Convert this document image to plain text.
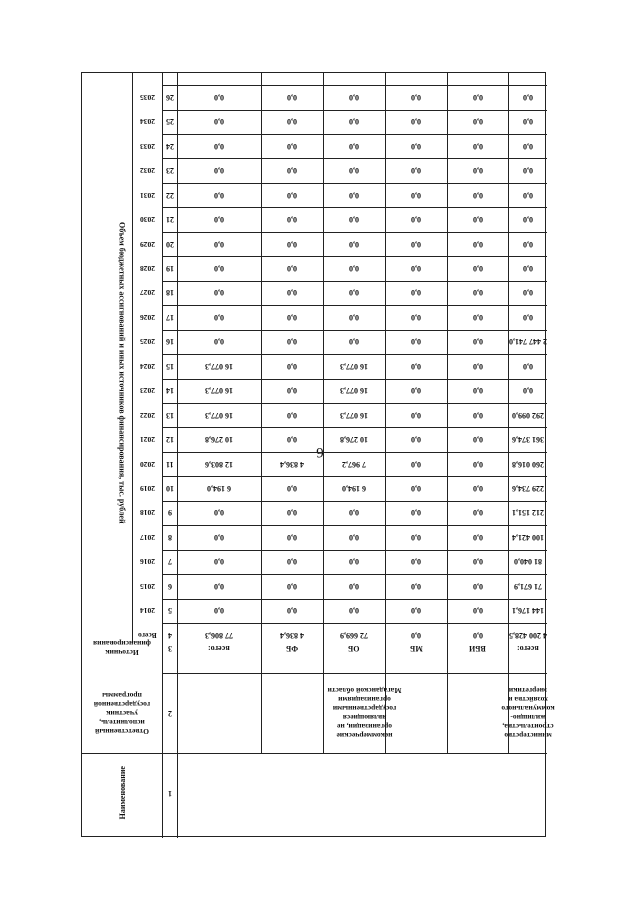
Объем бюджетных ассигнований и иных источников финансирования, тыс. рублей
1
2
3
4
5
6
7
8
9
10
11
12
13
14
15
16
17
18
19
20
21
22
23
24
25
26
Всего
2014
2015
2016
2017
2018
2019
2020
2021
2022
2023
2024
2025
2026
2027
2028
2029
2030
2031
2032
2033
2034
2035
Наименование
Ответственный исполнитель, участник государственной программы
Источник финансирования	всего:
77 806,3
0,0
0,0
0,0
0,0
0,0
6 194,0
12 803,6
10 276,8
16 077,3
16 077,3
16 077,3
0,0
0,0
0,0
0,0
0,0
0,0
0,0
0,0
0,0
0,0
0,0
ФБ
4 836,4
0,0
0,0
0,0
0,0
0,0
0,0
4 836,4
0,0
0,0
0,0
0,0
0,0
0,0
0,0
0,0
0,0
0,0
0,0
0,0
0,0
0,0
0,0
ОБ
72 669,9
0,0
0,0
0,0
0,0
0,0
6 194,0
7 967,2
10 276,8
16 077,3
16 077,3
16 077,3
0,0
0,0
0,0
0,0
0,0
0,0
0,0
0,0
0,0
0,0
0,0
МБ
0,0
0,0
0,0
0,0
0,0
0,0
0,0
0,0
0,0
0,0
0,0
0,0
0,0
0,0
0,0
0,0
0,0
0,0
0,0
0,0
0,0
0,0
0,0
ВБИ
0,0
0,0
0,0
0,0
0,0
0,0
0,0
0,0
0,0
0,0
0,0
0,0
0,0
0,0
0,0
0,0
0,0
0,0
0,0
0,0
0,0
0,0
0,0
всего:
4 200 428,5
144 176,1
71 671,9
81 040,0
100 421,4
212 151,1
229 734,6
260 016,8
361 374,6
292 099,0
0,0
0,0
2 447 741,0
0,0
0,0
0,0
0,0
0,0
0,0
0,0
0,0
0,0
0,0
некоммерческие организации, не являющиеся государственными организациями Магаданской области
министерство строительства, жилищно-коммунального хозяйства и энергетики
